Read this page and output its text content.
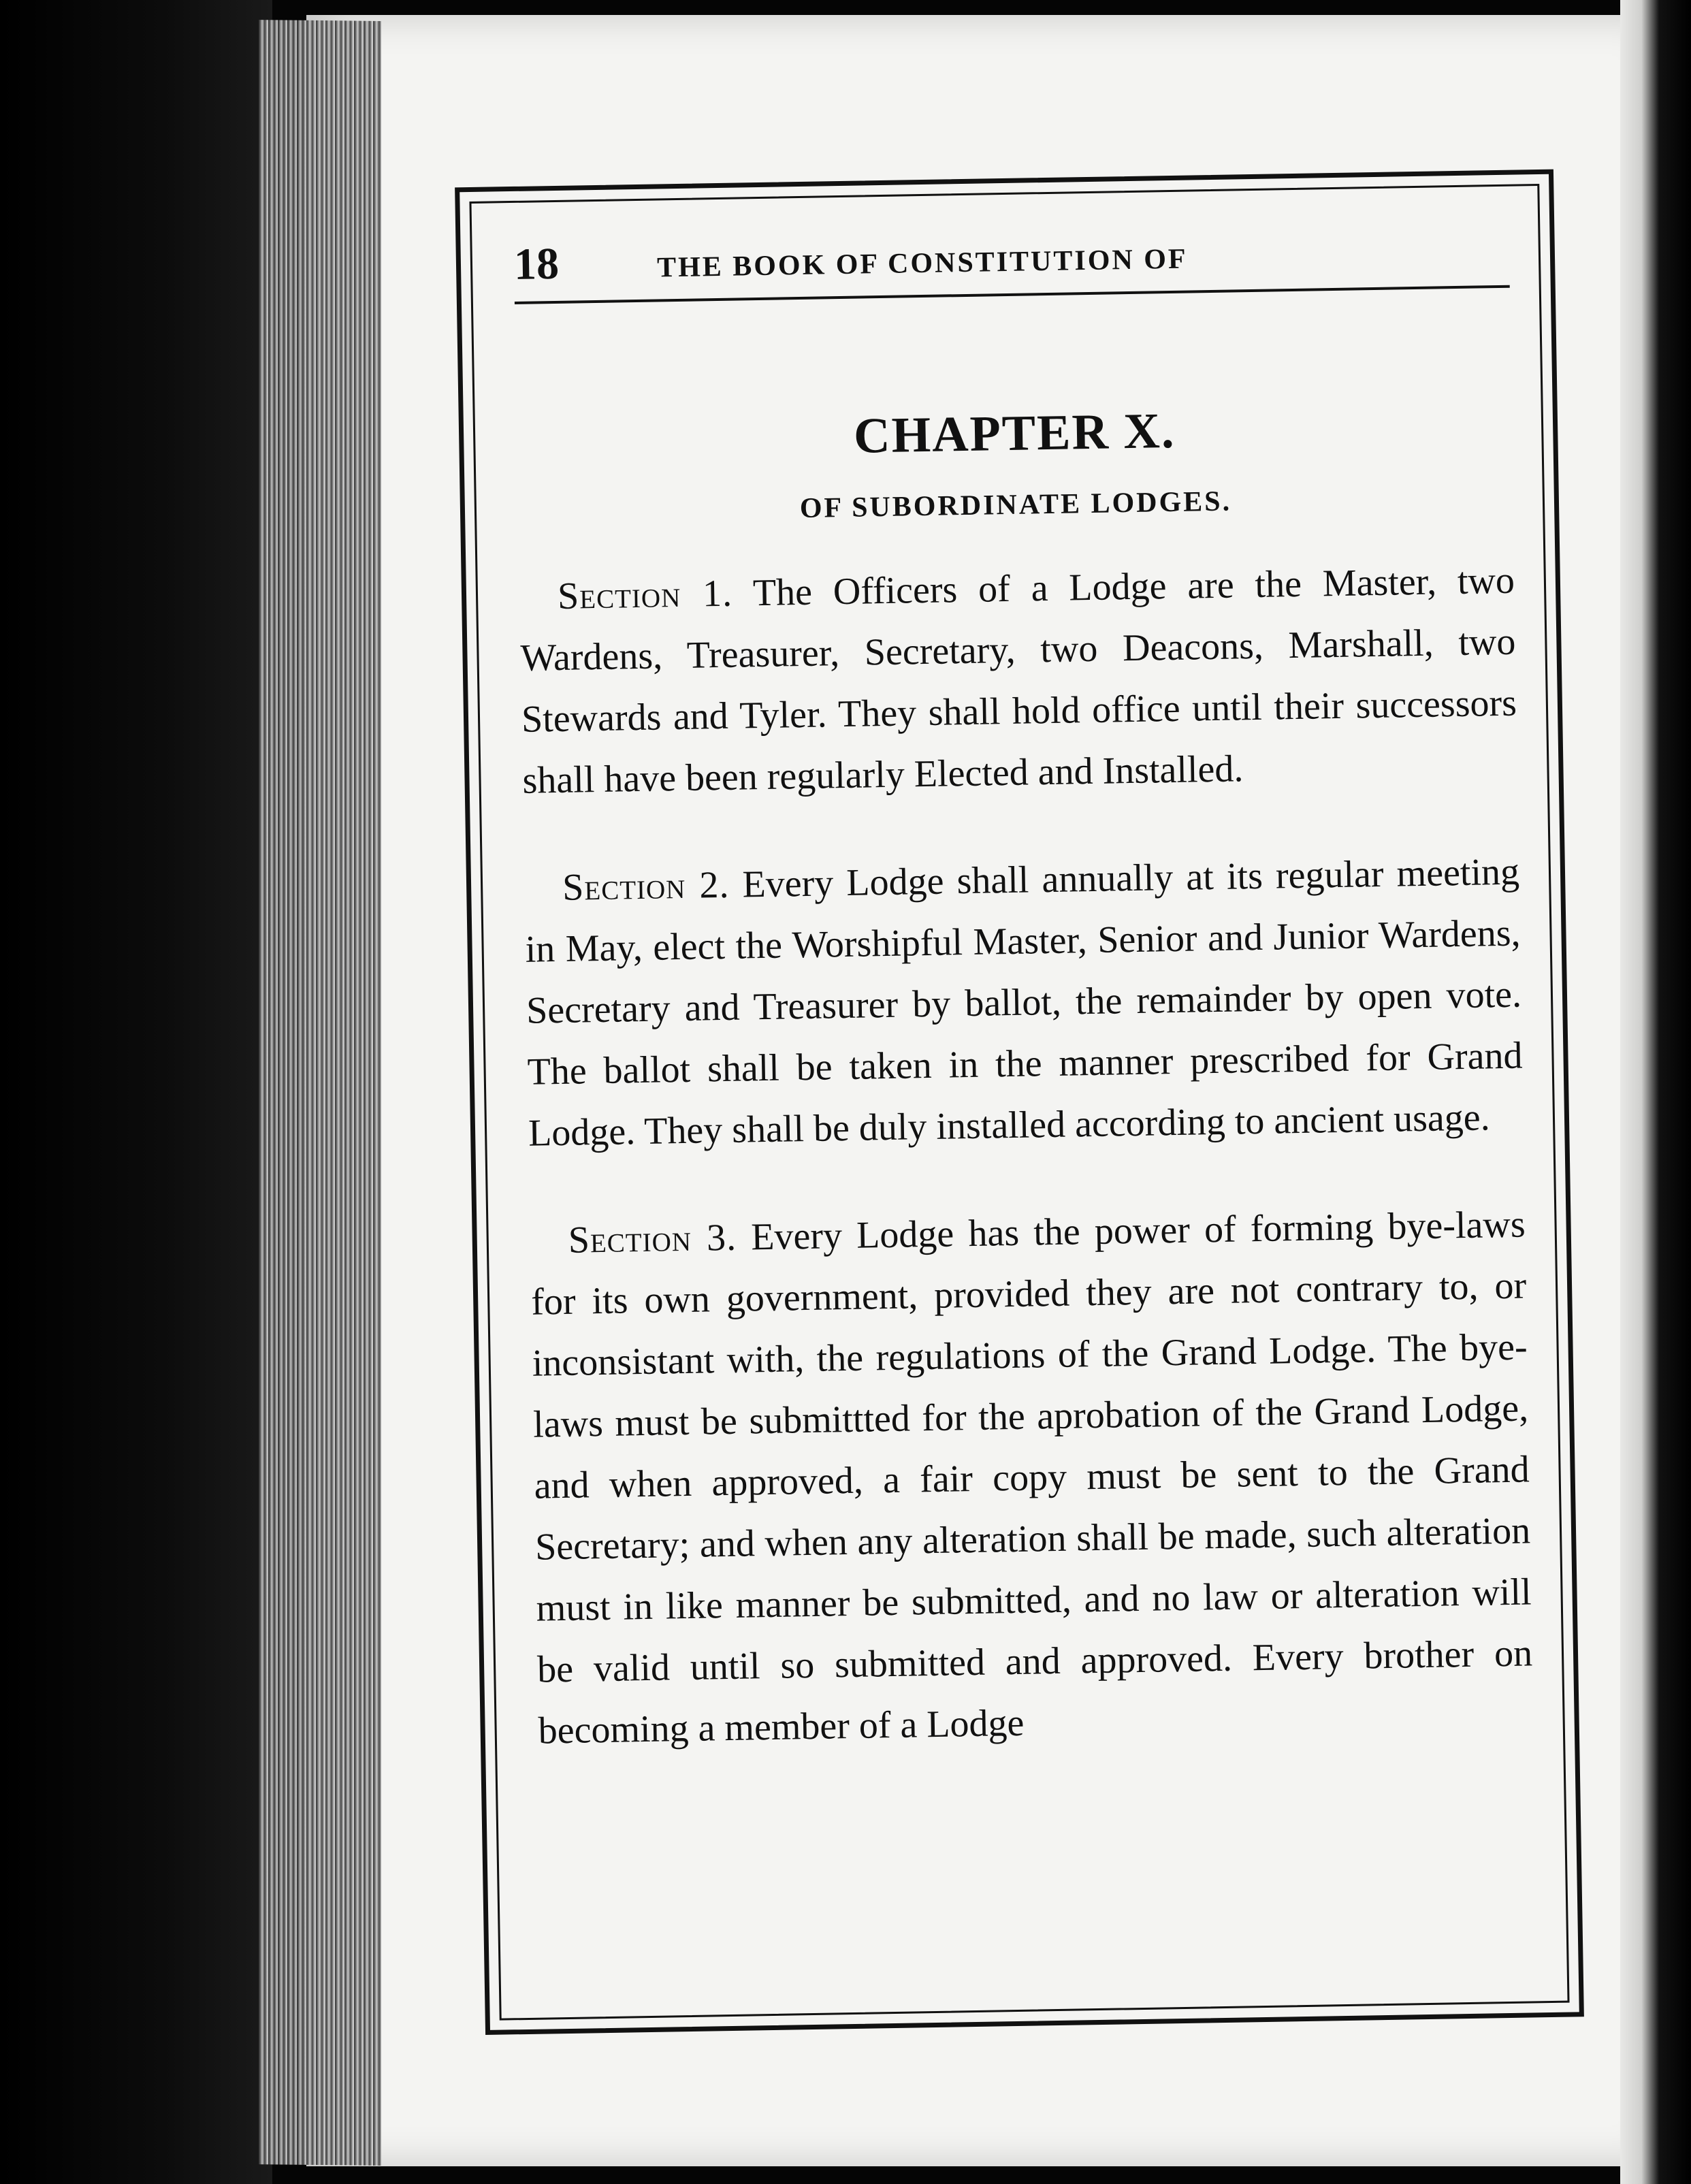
18	THE BOOK OF CONSTITUTION OF
CHAPTER X.
OF SUBORDINATE LODGES.

Section 1. The Officers of a Lodge are the Master, two Wardens, Treasurer, Secretary, two Deacons, Marshall, two Stewards and Tyler. They shall hold office until their successors shall have been regularly Elected and Installed.

Section 2. Every Lodge shall annually at its regular meeting in May, elect the Worshipful Master, Senior and Junior Wardens, Secretary and Treasurer by ballot, the remainder by open vote. The ballot shall be taken in the manner prescribed for Grand Lodge. They shall be duly installed according to ancient usage.

Section 3. Every Lodge has the power of forming bye-laws for its own government, provided they are not contrary to, or inconsistant with, the regulations of the Grand Lodge. The bye-laws must be submittted for the aprobation of the Grand Lodge, and when approved, a fair copy must be sent to the Grand Secretary; and when any alteration shall be made, such alteration must in like manner be submitted, and no law or alteration will be valid until so submitted and approved. Every brother on becoming a member of a Lodge
